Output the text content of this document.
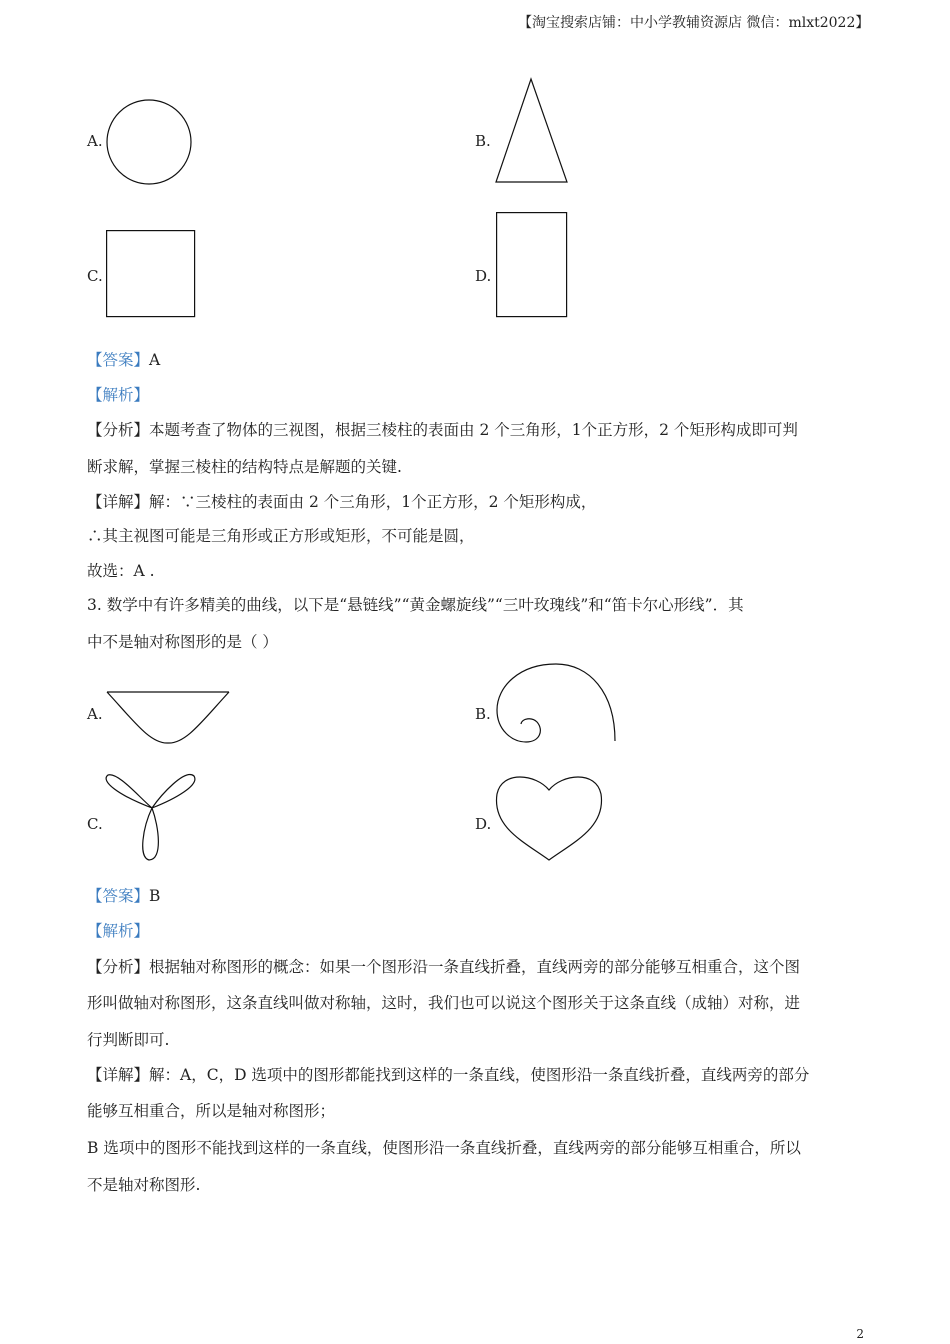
【淘宝搜索店铺：中小学教辅资源店 微信：mlxt2022】
A.	B.
C.	D.
【答案】A
【解析】
【分析】本题考查了物体的三视图，根据三棱柱的表面由 2 个三角形，1个正方形，2 个矩形构成即可判
断求解，掌握三棱柱的结构特点是解题的关键.
【详解】解：∵三棱柱的表面由 2 个三角形，1个正方形，2 个矩形构成，
∴其主视图可能是三角形或正方形或矩形，不可能是圆，
故选：A .
3. 数学中有许多精美的曲线，以下是“悬链线”“黄金螺旋线”“三叶玫瑰线”和“笛卡尔心形线”．其
中不是轴对称图形的是（ ）
A.	B.
C.	D.
【答案】B
【解析】
【分析】根据轴对称图形的概念：如果一个图形沿一条直线折叠，直线两旁的部分能够互相重合，这个图
形叫做轴对称图形，这条直线叫做对称轴，这时，我们也可以说这个图形关于这条直线（成轴）对称，进
行判断即可.
【详解】解：A，C，D 选项中的图形都能找到这样的一条直线，使图形沿一条直线折叠，直线两旁的部分
能够互相重合，所以是轴对称图形；
B 选项中的图形不能找到这样的一条直线，使图形沿一条直线折叠，直线两旁的部分能够互相重合，所以
不是轴对称图形.
2
